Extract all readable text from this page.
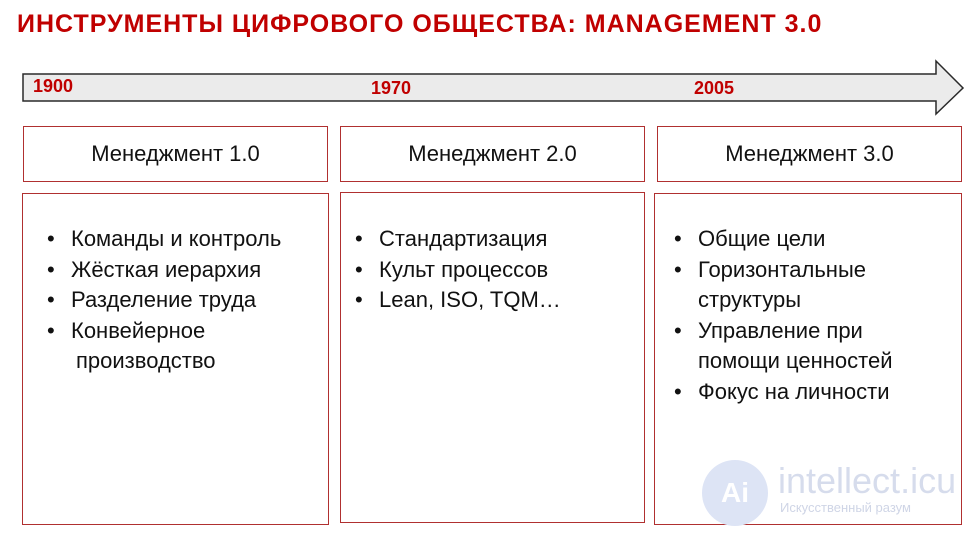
ИНСТРУМЕНТЫ ЦИФРОВОГО ОБЩЕСТВА: MANAGEMENT 3.0
1900	1970	2005
Менеджмент 1.0
• Команды и контроль
• Жёсткая иерархия
• Разделение труда
• Конвейерное
производство
Менеджмент 2.0
• Стандартизация
• Культ процессов
• Lean, ISO, TQM…
Менеджмент 3.0
• Общие цели
• Горизонтальные
структуры
• Управление при
помощи ценностей
• Фокус на личности
Ai intellect.icu
Искусственный разум
